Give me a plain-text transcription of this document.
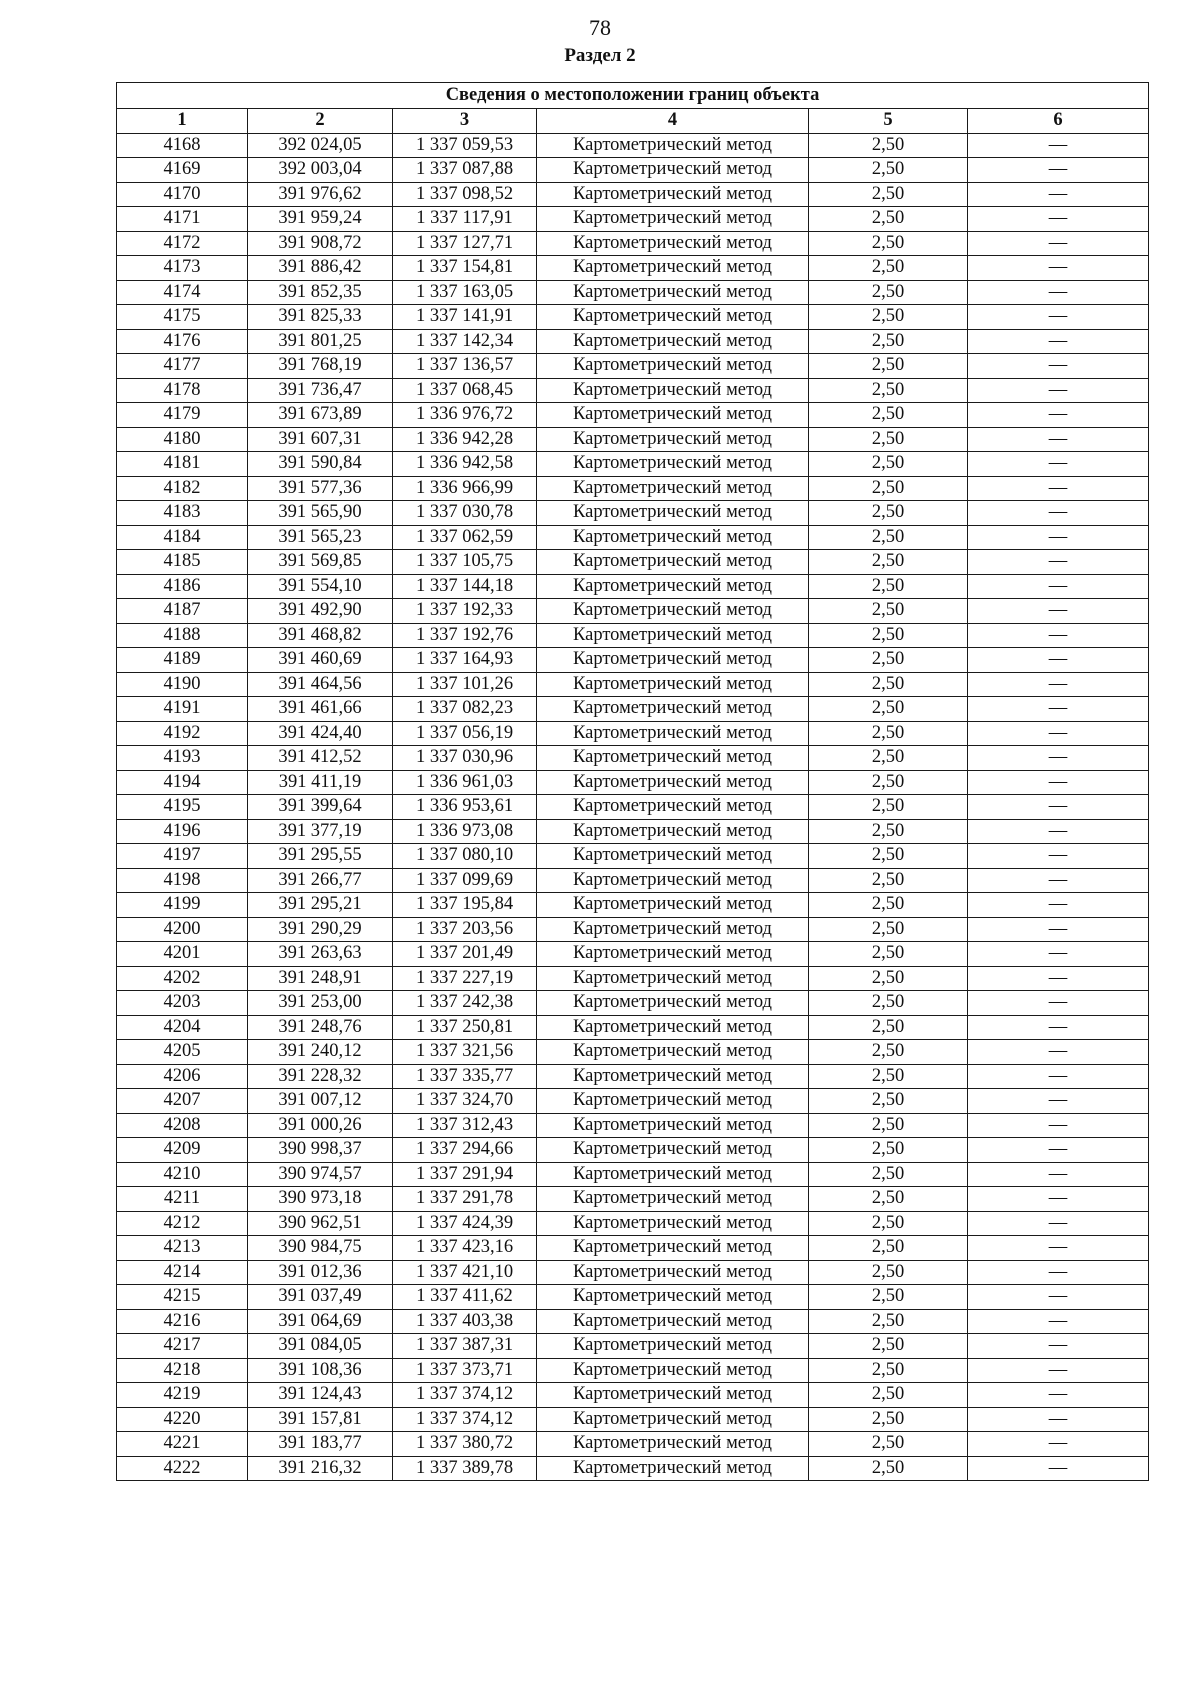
78
Раздел 2
Сведения о местоположении границ объекта					
1	2	3	4	5	6
4168	392 024,05	1 337 059,53	Картометрический метод	2,50	—
4169	392 003,04	1 337 087,88	Картометрический метод	2,50	—
4170	391 976,62	1 337 098,52	Картометрический метод	2,50	—
4171	391 959,24	1 337 117,91	Картометрический метод	2,50	—
4172	391 908,72	1 337 127,71	Картометрический метод	2,50	—
4173	391 886,42	1 337 154,81	Картометрический метод	2,50	—
4174	391 852,35	1 337 163,05	Картометрический метод	2,50	—
4175	391 825,33	1 337 141,91	Картометрический метод	2,50	—
4176	391 801,25	1 337 142,34	Картометрический метод	2,50	—
4177	391 768,19	1 337 136,57	Картометрический метод	2,50	—
4178	391 736,47	1 337 068,45	Картометрический метод	2,50	—
4179	391 673,89	1 336 976,72	Картометрический метод	2,50	—
4180	391 607,31	1 336 942,28	Картометрический метод	2,50	—
4181	391 590,84	1 336 942,58	Картометрический метод	2,50	—
4182	391 577,36	1 336 966,99	Картометрический метод	2,50	—
4183	391 565,90	1 337 030,78	Картометрический метод	2,50	—
4184	391 565,23	1 337 062,59	Картометрический метод	2,50	—
4185	391 569,85	1 337 105,75	Картометрический метод	2,50	—
4186	391 554,10	1 337 144,18	Картометрический метод	2,50	—
4187	391 492,90	1 337 192,33	Картометрический метод	2,50	—
4188	391 468,82	1 337 192,76	Картометрический метод	2,50	—
4189	391 460,69	1 337 164,93	Картометрический метод	2,50	—
4190	391 464,56	1 337 101,26	Картометрический метод	2,50	—
4191	391 461,66	1 337 082,23	Картометрический метод	2,50	—
4192	391 424,40	1 337 056,19	Картометрический метод	2,50	—
4193	391 412,52	1 337 030,96	Картометрический метод	2,50	—
4194	391 411,19	1 336 961,03	Картометрический метод	2,50	—
4195	391 399,64	1 336 953,61	Картометрический метод	2,50	—
4196	391 377,19	1 336 973,08	Картометрический метод	2,50	—
4197	391 295,55	1 337 080,10	Картометрический метод	2,50	—
4198	391 266,77	1 337 099,69	Картометрический метод	2,50	—
4199	391 295,21	1 337 195,84	Картометрический метод	2,50	—
4200	391 290,29	1 337 203,56	Картометрический метод	2,50	—
4201	391 263,63	1 337 201,49	Картометрический метод	2,50	—
4202	391 248,91	1 337 227,19	Картометрический метод	2,50	—
4203	391 253,00	1 337 242,38	Картометрический метод	2,50	—
4204	391 248,76	1 337 250,81	Картометрический метод	2,50	—
4205	391 240,12	1 337 321,56	Картометрический метод	2,50	—
4206	391 228,32	1 337 335,77	Картометрический метод	2,50	—
4207	391 007,12	1 337 324,70	Картометрический метод	2,50	—
4208	391 000,26	1 337 312,43	Картометрический метод	2,50	—
4209	390 998,37	1 337 294,66	Картометрический метод	2,50	—
4210	390 974,57	1 337 291,94	Картометрический метод	2,50	—
4211	390 973,18	1 337 291,78	Картометрический метод	2,50	—
4212	390 962,51	1 337 424,39	Картометрический метод	2,50	—
4213	390 984,75	1 337 423,16	Картометрический метод	2,50	—
4214	391 012,36	1 337 421,10	Картометрический метод	2,50	—
4215	391 037,49	1 337 411,62	Картометрический метод	2,50	—
4216	391 064,69	1 337 403,38	Картометрический метод	2,50	—
4217	391 084,05	1 337 387,31	Картометрический метод	2,50	—
4218	391 108,36	1 337 373,71	Картометрический метод	2,50	—
4219	391 124,43	1 337 374,12	Картометрический метод	2,50	—
4220	391 157,81	1 337 374,12	Картометрический метод	2,50	—
4221	391 183,77	1 337 380,72	Картометрический метод	2,50	—
4222	391 216,32	1 337 389,78	Картометрический метод	2,50	—
